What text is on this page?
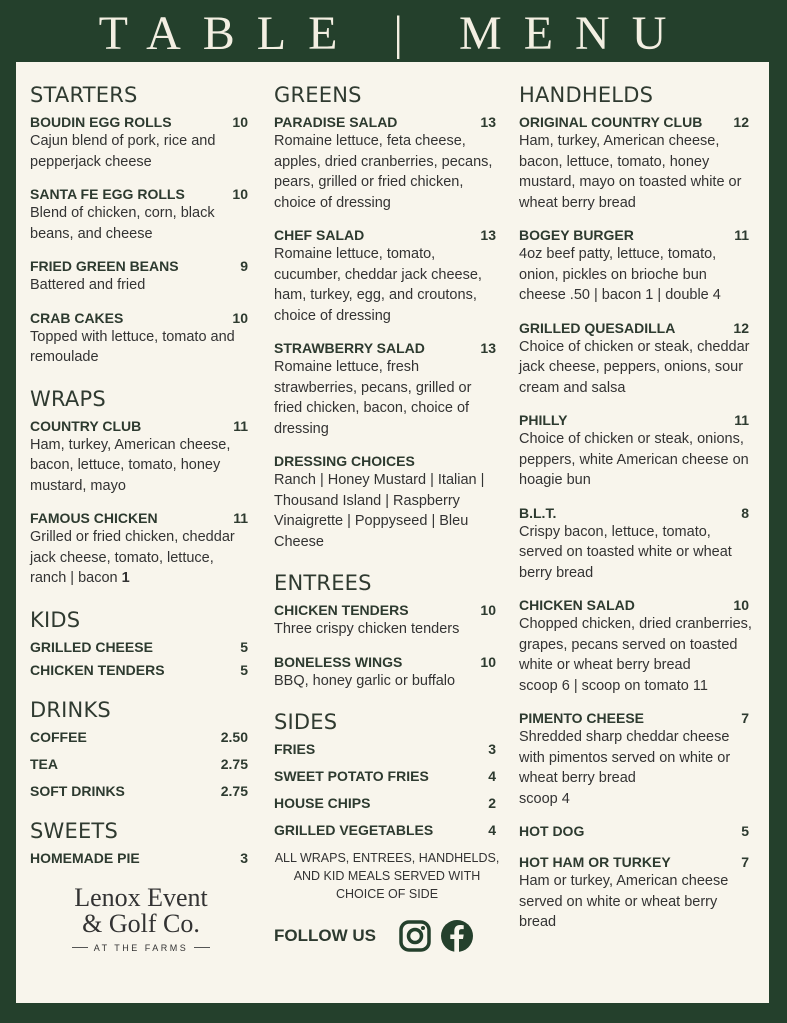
TABLE | MENU
STARTERS
BOUDIN EGG ROLLS	10
Cajun blend of pork, rice and pepperjack cheese
SANTA FE EGG ROLLS	10
Blend of chicken, corn, black beans, and cheese
FRIED GREEN BEANS	9
Battered and fried
CRAB CAKES	10
Topped with lettuce, tomato and remoulade
WRAPS
COUNTRY CLUB	11
Ham, turkey, American cheese, bacon, lettuce, tomato, honey mustard, mayo
FAMOUS CHICKEN	11
Grilled or fried chicken, cheddar jack cheese, tomato, lettuce, ranch | bacon 1
KIDS
GRILLED CHEESE	5
CHICKEN TENDERS	5
DRINKS
COFFEE	2.50
TEA	2.75
SOFT DRINKS	2.75
SWEETS
HOMEMADE PIE	3
Lenox Event
& Golf Co.
AT THE FARMS
GREENS
PARADISE SALAD	13
Romaine lettuce, feta cheese, apples, dried cranberries, pecans, pears, grilled or fried chicken, choice of dressing
CHEF SALAD	13
Romaine lettuce, tomato, cucumber, cheddar jack cheese, ham, turkey, egg, and croutons, choice of dressing
STRAWBERRY SALAD	13
Romaine lettuce, fresh strawberries, pecans, grilled or fried chicken, bacon, choice of dressing
DRESSING CHOICES
Ranch | Honey Mustard | Italian | Thousand Island | Raspberry Vinaigrette | Poppyseed | Bleu Cheese
ENTREES
CHICKEN TENDERS	10
Three crispy chicken tenders
BONELESS WINGS	10
BBQ, honey garlic or buffalo
SIDES
FRIES	3
SWEET POTATO FRIES	4
HOUSE CHIPS	2
GRILLED VEGETABLES	4
ALL WRAPS, ENTREES, HANDHELDS, AND KID MEALS SERVED WITH CHOICE OF SIDE
FOLLOW US
HANDHELDS
ORIGINAL COUNTRY CLUB 12
Ham, turkey, American cheese, bacon, lettuce, tomato, honey mustard, mayo on toasted white or wheat berry bread
BOGEY BURGER	11
4oz beef patty, lettuce, tomato, onion, pickles on brioche bun
cheese .50 | bacon 1 | double 4
GRILLED QUESADILLA	12
Choice of chicken or steak, cheddar jack cheese, peppers, onions, sour cream and salsa
PHILLY	11
Choice of chicken or steak, onions, peppers, white American cheese on hoagie bun
B.L.T.	8
Crispy bacon, lettuce, tomato, served on toasted white or wheat berry bread
CHICKEN SALAD	10
Chopped chicken, dried cranberries, grapes, pecans served on toasted white or wheat berry bread
scoop 6 | scoop on tomato 11
PIMENTO CHEESE	7
Shredded sharp cheddar cheese with pimentos served on white or wheat berry bread
scoop 4
HOT DOG	5
HOT HAM OR TURKEY	7
Ham or turkey, American cheese served on white or wheat berry bread
